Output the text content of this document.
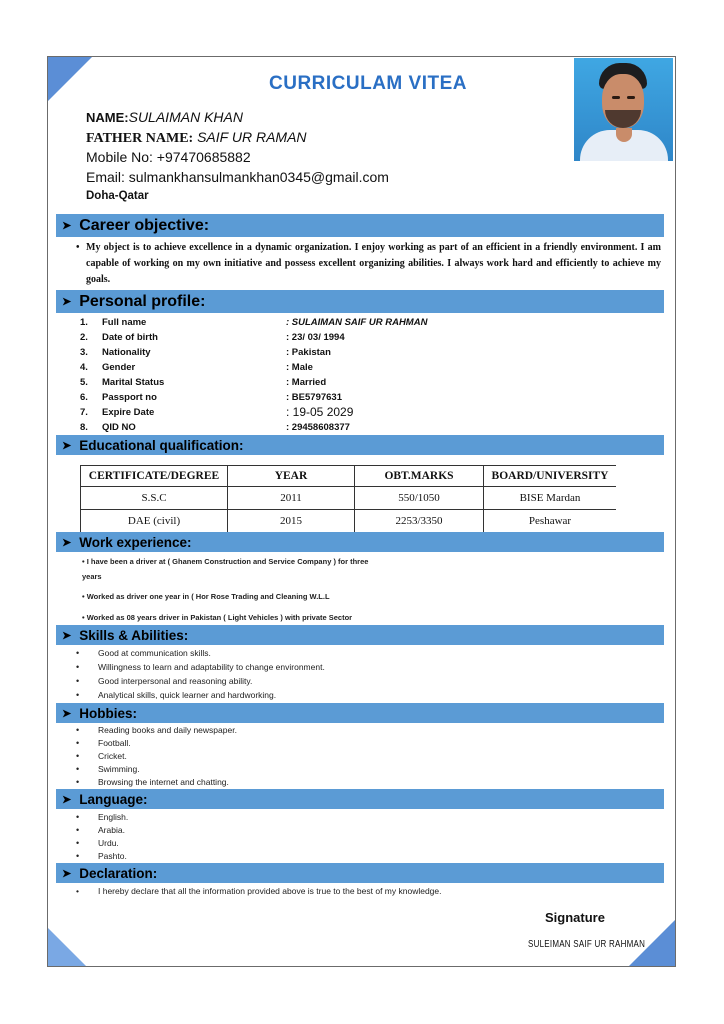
CURRICULAM VITEA
NAME:SULAIMAN KHAN
FATHER NAME: SAIF UR RAMAN
Mobile No: +97470685882
Email: sulmankhansulmankhan0345@gmail.com
Doha-Qatar
➤ Career objective:
• My object is to achieve excellence in a dynamic organization. I enjoy working as part of an efficient in a friendly environment. I am capable of working on my own initiative and possess excellent organizing abilities. I always work hard and efficiently to achieve my goals.
➤ Personal profile:
1. Full name	: SULAIMAN SAIF UR RAHMAN
2. Date of birth	: 23/ 03/ 1994
3. Nationality	: Pakistan
4. Gender	: Male
5. Marital Status	: Married
6. Passport no	: BE5797631
7. Expire Date	: 19-05 2029
8. QID NO	: 29458608377
➤ Educational qualification:
CERTIFICATE/DEGREE	YEAR	OBT.MARKS	BOARD/UNIVERSITY
S.S.C	2011	550/1050	BISE Mardan
DAE (civil)	2015	2253/3350	Peshawar
➤ Work experience:
• I have been a driver at ( Ghanem Construction and Service Company ) for three
years
• Worked as driver one year in ( Hor Rose Trading and Cleaning W.L.L
• Worked as 08 years driver in Pakistan ( Light Vehicles ) with private Sector
➤ Skills & Abilities:
• Good at communication skills.
• Willingness to learn and adaptability to change environment.
• Good interpersonal and reasoning ability.
• Analytical skills, quick learner and hardworking.
➤ Hobbies:
• Reading books and daily newspaper.
• Football.
• Cricket.
• Swimming.
• Browsing the internet and chatting.
➤ Language:
• English.
• Arabia.
• Urdu.
• Pashto.
➤ Declaration:
• I hereby declare that all the information provided above is true to the best of my knowledge.
Signature
SULEIMAN SAIF UR RAHMAN
